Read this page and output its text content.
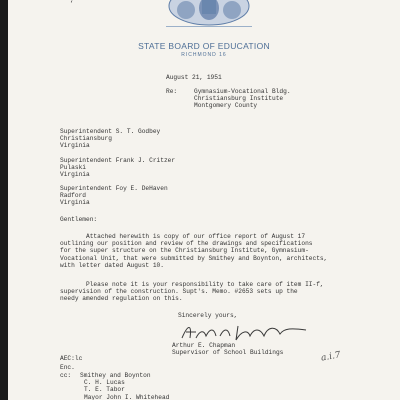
ʻ
STATE BOARD OF EDUCATION
RICHMOND 16
August 21, 1951
Re:	Gymnasium-Vocational Bldg.
Christiansburg Institute
Montgomery County
Superintendent S. T. Godbey
Christiansburg
Virginia
Superintendent Frank J. Critzer
Pulaski
Virginia
Superintendent Foy E. DeHaven
Radford
Virginia
Gentlemen:
Attached herewith is copy of our office report of August 17
outlining our position and review of the drawings and specifications
for the super structure on the Christiansburg Institute, Gymnasium-
Vocational Unit, that were submitted by Smithey and Boynton, architects,
with letter dated August 10.
Please note it is your responsibility to take care of item II-f,
supervision of the construction. Supt's. Memo. #2653 sets up the
needy amended regulation on this.
Sincerely yours,
Arthur E. Chapman
Supervisor of School Buildings
AEC:lc
Enc.
cc: Smithey and Boynton
C. H. Lucas
T. E. Tabor
Mayor John I. Whitehead
a.i.7
